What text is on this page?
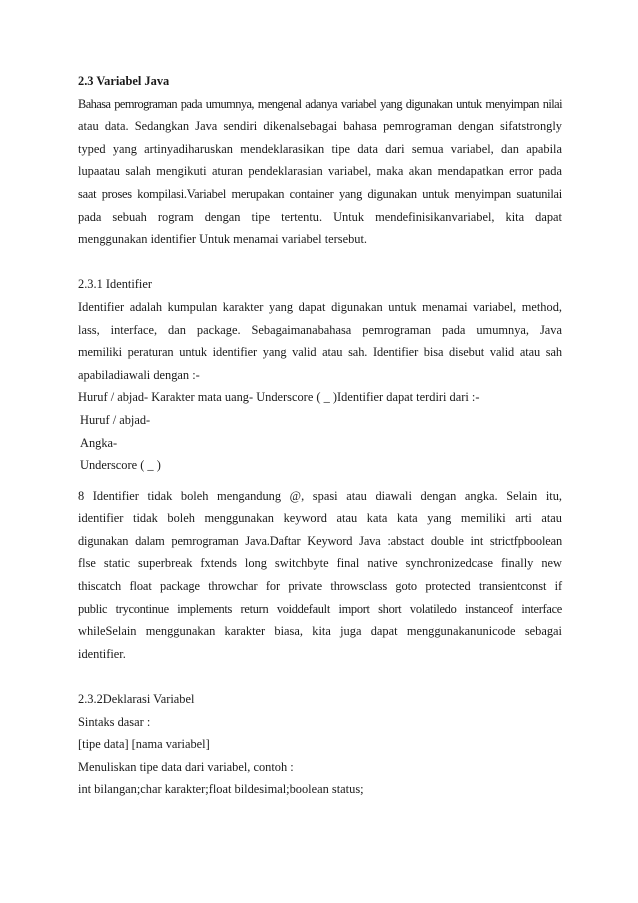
2.3 Variabel Java
Bahasa pemrograman pada umumnya, mengenal adanya variabel yang digunakan untuk menyimpan nilai
atau data. Sedangkan Java sendiri dikenalsebagai bahasa pemrograman dengan sifatstrongly
typed yang artinyadiharuskan mendeklarasikan tipe data dari semua variabel, dan apabila
lupaatau salah mengikuti aturan pendeklarasian variabel, maka akan mendapatkan error pada
saat proses kompilasi.Variabel merupakan container yang digunakan untuk menyimpan suatunilai
pada sebuah rogram dengan tipe tertentu. Untuk mendefinisikanvariabel, kita dapat
menggunakan identifier Untuk menamai variabel tersebut.
2.3.1 Identifier
Identifier adalah kumpulan karakter yang dapat digunakan untuk menamai variabel, method,
lass, interface, dan package. Sebagaimanabahasa pemrograman pada umumnya, Java
memiliki peraturan untuk identifier yang valid atau sah. Identifier bisa disebut valid atau sah
apabiladiawali dengan :-
Huruf / abjad- Karakter mata uang- Underscore ( _ )Identifier dapat terdiri dari :-
Huruf / abjad-
Angka-
Underscore ( _ )
8 Identifier tidak boleh mengandung @, spasi atau diawali dengan angka. Selain itu,
identifier tidak boleh menggunakan keyword atau kata kata yang memiliki arti atau
digunakan dalam pemrograman Java.Daftar Keyword Java :abstact double int strictfpboolean
flse static superbreak fxtends long switchbyte final native synchronizedcase finally new
thiscatch float package throwchar for private throwsclass goto protected transientconst if
public trycontinue implements return voiddefault import short volatiledo instanceof interface
whileSelain menggunakan karakter biasa, kita juga dapat menggunakanunicode sebagai
identifier.
2.3.2Deklarasi Variabel
Sintaks dasar :
[tipe data] [nama variabel]
Menuliskan tipe data dari variabel, contoh :
int bilangan;char karakter;float bildesimal;boolean status;
